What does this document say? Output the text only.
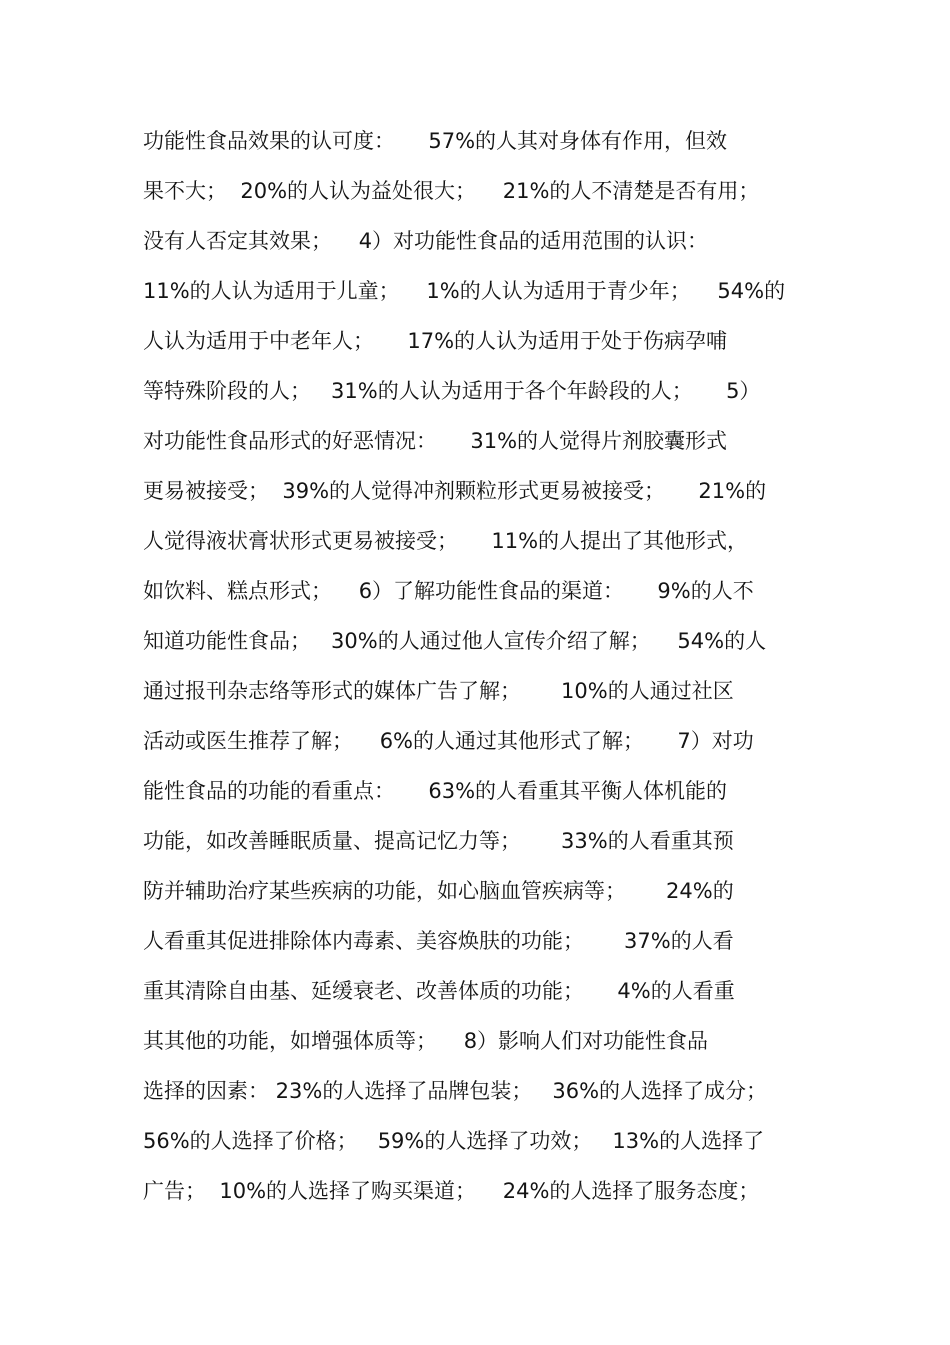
功能性食品效果的认可度：     57%的人其对身体有作用，但效
果不大；  20%的人认为益处很大；    21%的人不清楚是否有用；
没有人否定其效果；    4）对功能性食品的适用范围的认识：
11%的人认为适用于儿童；    1%的人认为适用于青少年；    54%的
人认为适用于中老年人；     17%的人认为适用于处于伤病孕哺
等特殊阶段的人；   31%的人认为适用于各个年龄段的人；     5）
对功能性食品形式的好恶情况：     31%的人觉得片剂胶囊形式
更易被接受；  39%的人觉得冲剂颗粒形式更易被接受；     21%的
人觉得液状膏状形式更易被接受；     11%的人提出了其他形式，
如饮料、糕点形式；    6）了解功能性食品的渠道：     9%的人不
知道功能性食品；   30%的人通过他人宣传介绍了解；    54%的人
通过报刊杂志络等形式的媒体广告了解；      10%的人通过社区
活动或医生推荐了解；    6%的人通过其他形式了解；     7）对功
能性食品的功能的看重点：     63%的人看重其平衡人体机能的
功能，如改善睡眠质量、提高记忆力等；      33%的人看重其预
防并辅助治疗某些疾病的功能，如心脑血管疾病等；      24%的
人看重其促进排除体内毒素、美容焕肤的功能；      37%的人看
重其清除自由基、延缓衰老、改善体质的功能；     4%的人看重
其其他的功能，如增强体质等；    8）影响人们对功能性食品
选择的因素： 23%的人选择了品牌包装；   36%的人选择了成分；
56%的人选择了价格；   59%的人选择了功效；   13%的人选择了
广告；  10%的人选择了购买渠道；    24%的人选择了服务态度；
